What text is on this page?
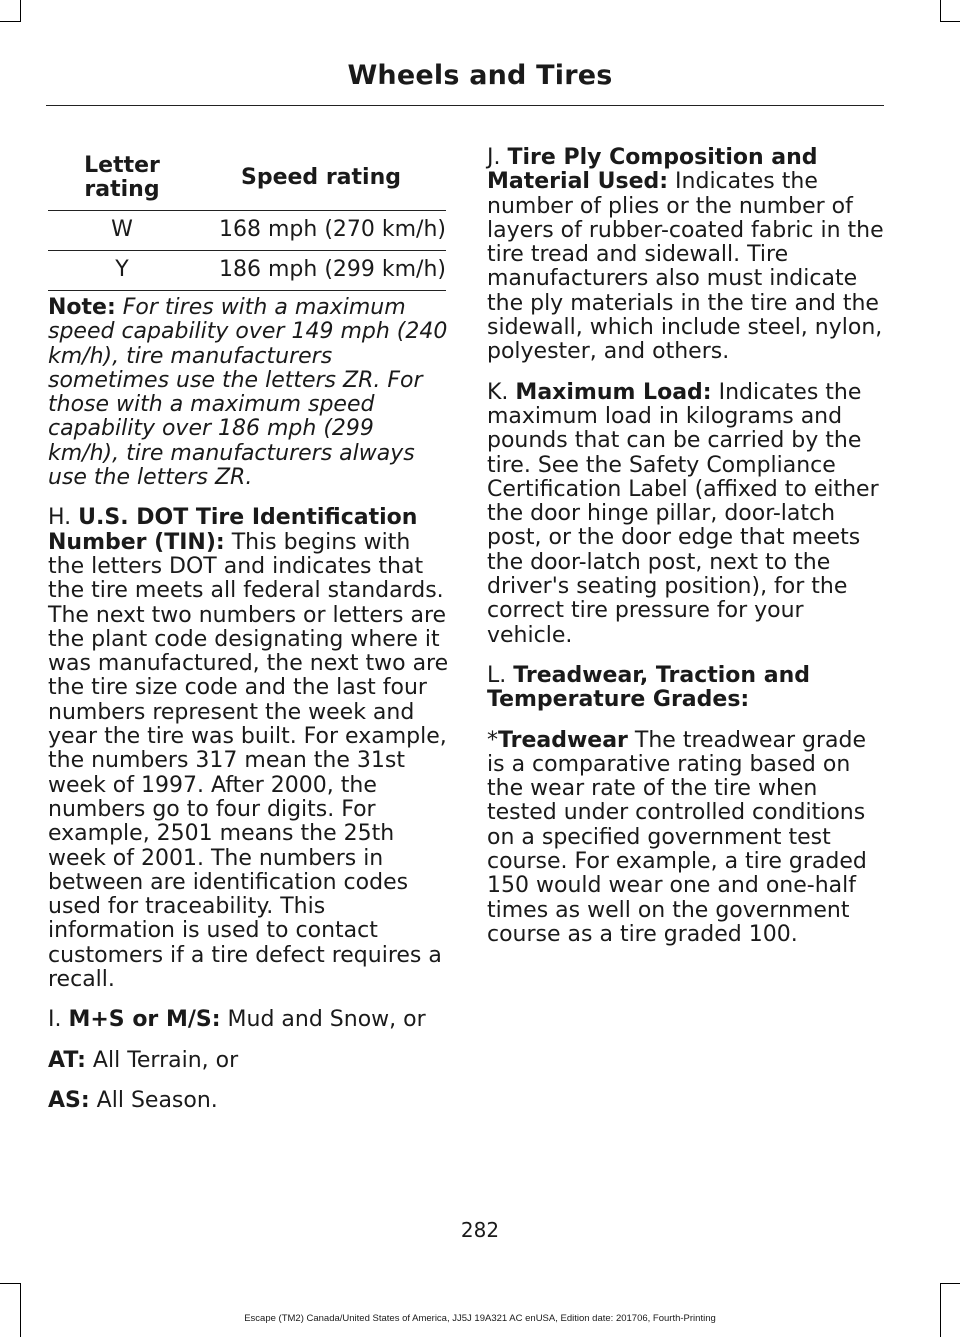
Wheels and Tires
Letter rating	Speed rating
W	168 mph (270 km/h)
Y	186 mph (299 km/h)

Note: For tires with a maximum speed capability over 149 mph (240 km/h), tire manufacturers sometimes use the letters ZR. For those with a maximum speed capability over 186 mph (299 km/h), tire manufacturers always use the letters ZR.

H. U.S. DOT Tire Identification Number (TIN): This begins with the letters DOT and indicates that the tire meets all federal standards. The next two numbers or letters are the plant code designating where it was manufactured, the next two are the tire size code and the last four numbers represent the week and year the tire was built. For example, the numbers 317 mean the 31st week of 1997. After 2000, the numbers go to four digits. For example, 2501 means the 25th week of 2001. The numbers in between are identification codes used for traceability. This information is used to contact customers if a tire defect requires a recall.

I. M+S or M/S: Mud and Snow, or

AT: All Terrain, or

AS: All Season.

J. Tire Ply Composition and Material Used: Indicates the number of plies or the number of layers of rubber-coated fabric in the tire tread and sidewall. Tire manufacturers also must indicate the ply materials in the tire and the sidewall, which include steel, nylon, polyester, and others.

K. Maximum Load: Indicates the maximum load in kilograms and pounds that can be carried by the tire. See the Safety Compliance Certification Label (affixed to either the door hinge pillar, door-latch post, or the door edge that meets the door-latch post, next to the driver's seating position), for the correct tire pressure for your vehicle.

L. Treadwear, Traction and Temperature Grades:

*Treadwear The treadwear grade is a comparative rating based on the wear rate of the tire when tested under controlled conditions on a specified government test course. For example, a tire graded 150 would wear one and one-half times as well on the government course as a tire graded 100.

282
Escape (TM2) Canada/United States of America, JJ5J 19A321 AC enUSA, Edition date: 201706, Fourth-Printing
